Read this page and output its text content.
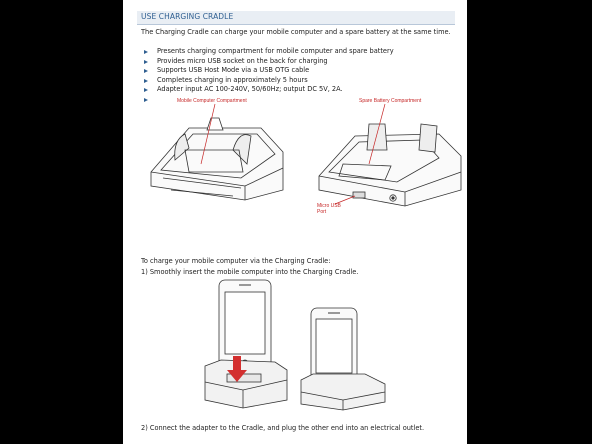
USE CHARGING CRADLE
The Charging Cradle can charge your mobile computer and a spare battery at the same time.
Presents charging compartment for mobile computer and spare battery
Provides micro USB socket on the back for charging
Supports USB Host Mode via a USB OTG cable
Completes charging in approximately 5 hours
Adapter input AC 100-240V, 50/60Hz; output DC 5V, 2A.
Mobile Computer Compartment	Spare Battery Compartment
Micro USB
Port
To charge your mobile computer via the Charging Cradle:
1) Smoothly insert the mobile computer into the Charging Cradle.
2) Connect the adapter to the Cradle, and plug the other end into an electrical outlet.
